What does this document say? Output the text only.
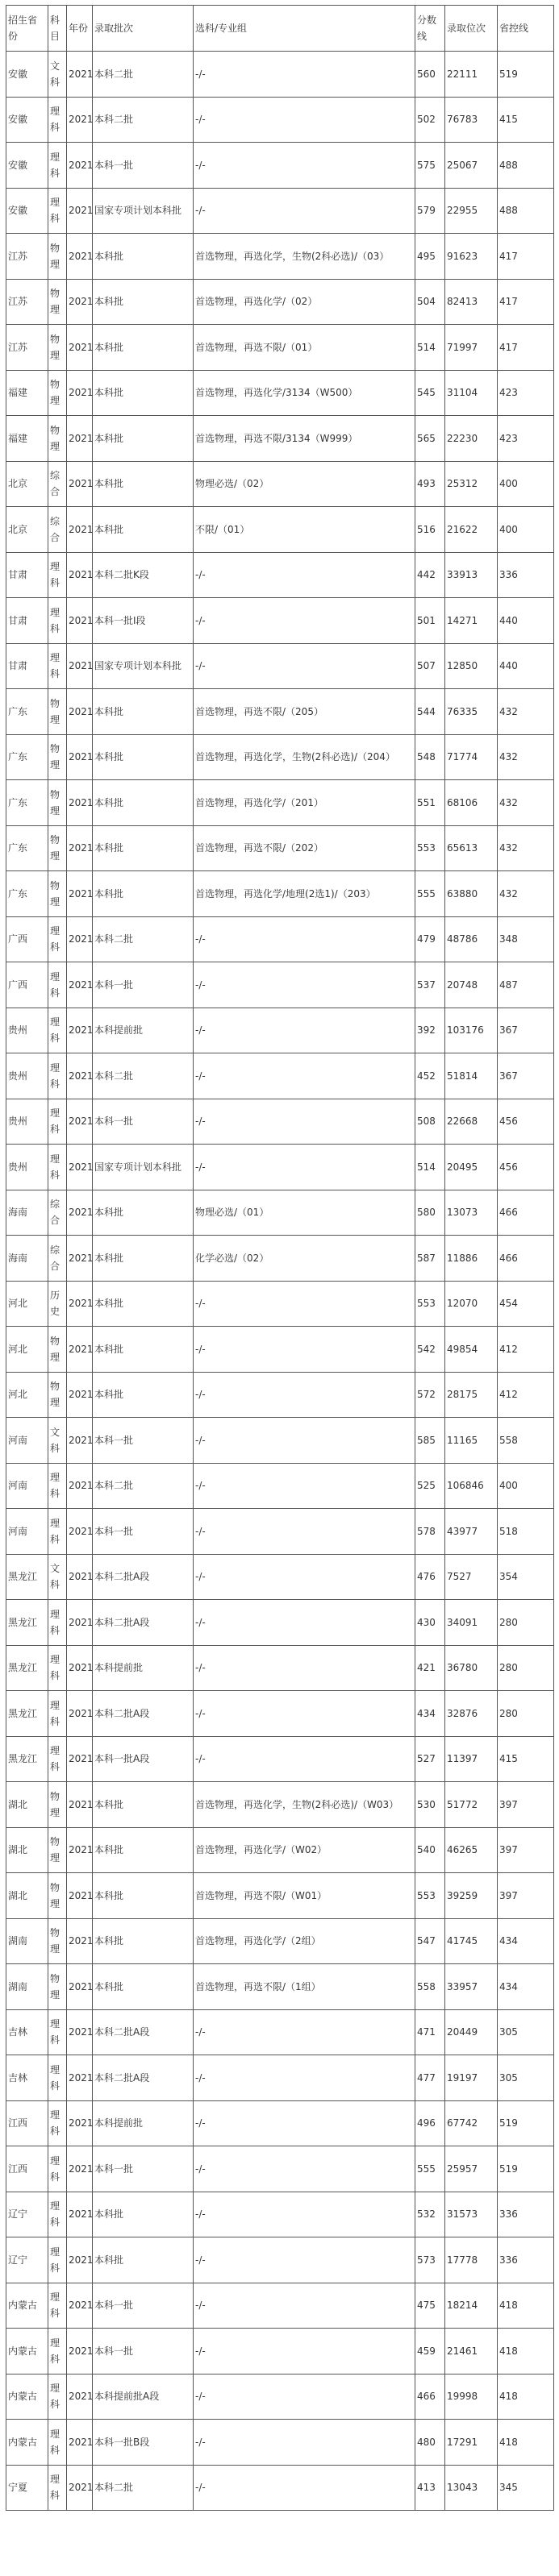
招生省份	科目	年份	录取批次	选科/专业组	分数线	录取位次	省控线
安徽	文科	2021	本科二批	-/-	560	22111	519
安徽	理科	2021	本科二批	-/-	502	76783	415
安徽	理科	2021	本科一批	-/-	575	25067	488
安徽	理科	2021	国家专项计划本科批	-/-	579	22955	488
江苏	物理	2021	本科批	首选物理，再选化学，生物(2科必选)/（03）	495	91623	417
江苏	物理	2021	本科批	首选物理，再选化学/（02）	504	82413	417
江苏	物理	2021	本科批	首选物理，再选不限/（01）	514	71997	417
福建	物理	2021	本科批	首选物理，再选化学/3134（W500）	545	31104	423
福建	物理	2021	本科批	首选物理，再选不限/3134（W999）	565	22230	423
北京	综合	2021	本科批	物理必选/（02）	493	25312	400
北京	综合	2021	本科批	不限/（01）	516	21622	400
甘肃	理科	2021	本科二批K段	-/-	442	33913	336
甘肃	理科	2021	本科一批I段	-/-	501	14271	440
甘肃	理科	2021	国家专项计划本科批	-/-	507	12850	440
广东	物理	2021	本科批	首选物理，再选不限/（205）	544	76335	432
广东	物理	2021	本科批	首选物理，再选化学，生物(2科必选)/（204）	548	71774	432
广东	物理	2021	本科批	首选物理，再选化学/（201）	551	68106	432
广东	物理	2021	本科批	首选物理，再选不限/（202）	553	65613	432
广东	物理	2021	本科批	首选物理，再选化学/地理(2选1)/（203）	555	63880	432
广西	理科	2021	本科二批	-/-	479	48786	348
广西	理科	2021	本科一批	-/-	537	20748	487
贵州	理科	2021	本科提前批	-/-	392	103176	367
贵州	理科	2021	本科二批	-/-	452	51814	367
贵州	理科	2021	本科一批	-/-	508	22668	456
贵州	理科	2021	国家专项计划本科批	-/-	514	20495	456
海南	综合	2021	本科批	物理必选/（01）	580	13073	466
海南	综合	2021	本科批	化学必选/（02）	587	11886	466
河北	历史	2021	本科批	-/-	553	12070	454
河北	物理	2021	本科批	-/-	542	49854	412
河北	物理	2021	本科批	-/-	572	28175	412
河南	文科	2021	本科一批	-/-	585	11165	558
河南	理科	2021	本科二批	-/-	525	106846	400
河南	理科	2021	本科一批	-/-	578	43977	518
黑龙江	文科	2021	本科二批A段	-/-	476	7527	354
黑龙江	理科	2021	本科二批A段	-/-	430	34091	280
黑龙江	理科	2021	本科提前批	-/-	421	36780	280
黑龙江	理科	2021	本科二批A段	-/-	434	32876	280
黑龙江	理科	2021	本科一批A段	-/-	527	11397	415
湖北	物理	2021	本科批	首选物理，再选化学，生物(2科必选)/（W03）	530	51772	397
湖北	物理	2021	本科批	首选物理，再选化学/（W02）	540	46265	397
湖北	物理	2021	本科批	首选物理，再选不限/（W01）	553	39259	397
湖南	物理	2021	本科批	首选物理，再选化学/（2组）	547	41745	434
湖南	物理	2021	本科批	首选物理，再选不限/（1组）	558	33957	434
吉林	理科	2021	本科二批A段	-/-	471	20449	305
吉林	理科	2021	本科二批A段	-/-	477	19197	305
江西	理科	2021	本科提前批	-/-	496	67742	519
江西	理科	2021	本科一批	-/-	555	25957	519
辽宁	理科	2021	本科批	-/-	532	31573	336
辽宁	理科	2021	本科批	-/-	573	17778	336
内蒙古	理科	2021	本科一批	-/-	475	18214	418
内蒙古	理科	2021	本科一批	-/-	459	21461	418
内蒙古	理科	2021	本科提前批A段	-/-	466	19998	418
内蒙古	理科	2021	本科一批B段	-/-	480	17291	418
宁夏	理科	2021	本科二批	-/-	413	13043	345
